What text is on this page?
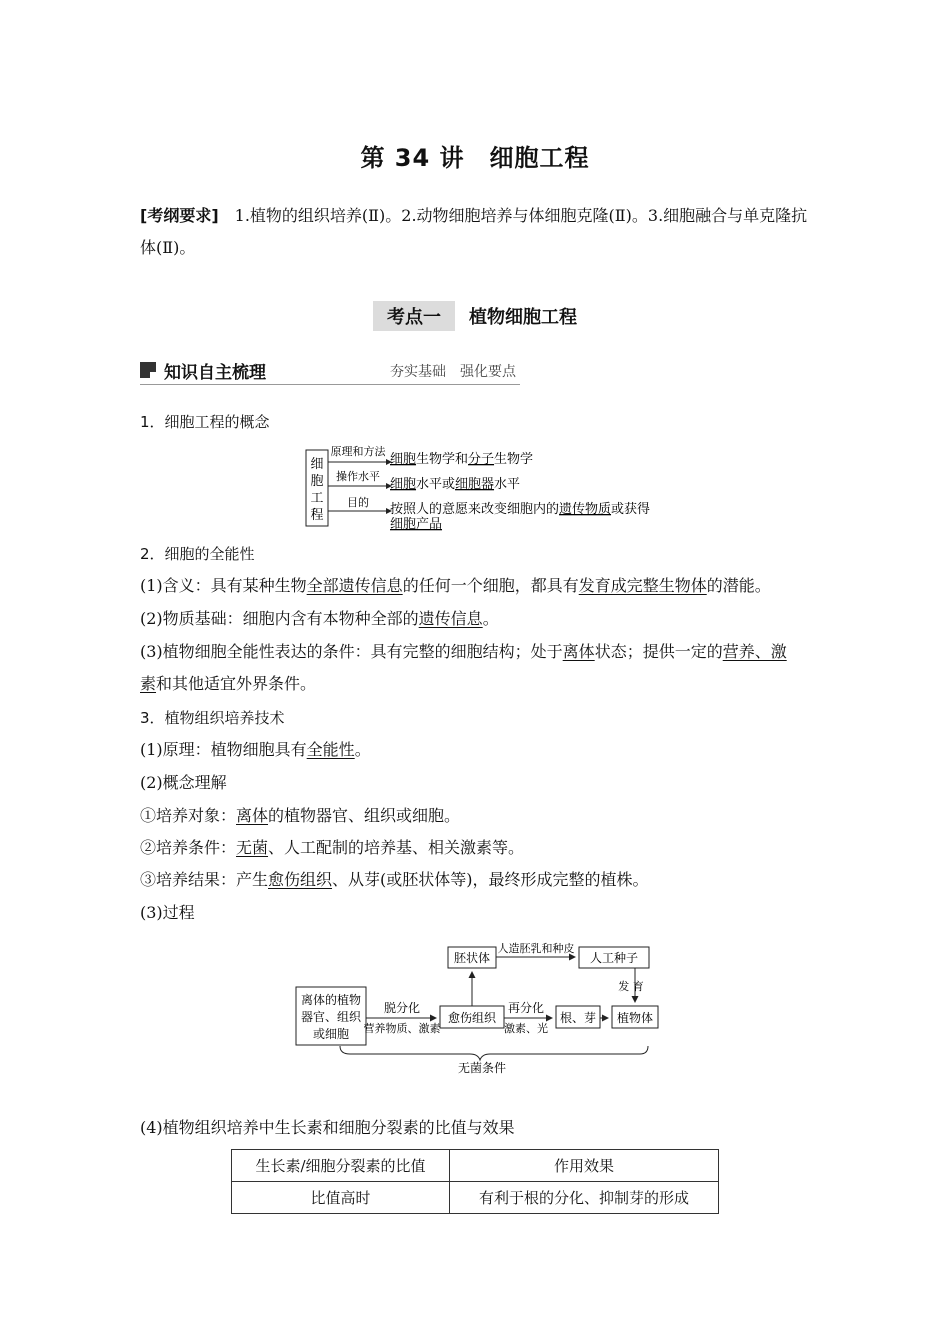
第 34 讲　细胞工程
[考纲要求]　1.植物的组织培养(Ⅱ)。2.动物细胞培养与体细胞克隆(Ⅱ)。3.细胞融合与单克隆抗体(Ⅱ)。
考点一 植物细胞工程
知识自主梳理	夯实基础　强化要点
1．细胞工程的概念
细
胞
工
程
原理和方法
操作水平
目的
细胞生物学和分子生物学
细胞水平或细胞器水平
按照人的意愿来改变细胞内的遗传物质或获得
细胞产品
2．细胞的全能性
(1)含义：具有某种生物全部遗传信息的任何一个细胞，都具有发育成完整生物体的潜能。
(2)物质基础：细胞内含有本物种全部的遗传信息。
(3)植物细胞全能性表达的条件：具有完整的细胞结构；处于离体状态；提供一定的营养、激
素和其他适宜外界条件。
3．植物组织培养技术
(1)原理：植物细胞具有全能性。
(2)概念理解
①培养对象：离体的植物器官、组织或细胞。
②培养条件：无菌、人工配制的培养基、相关激素等。
③培养结果：产生愈伤组织、从芽(或胚状体等)，最终形成完整的植株。
(3)过程
离体的植物
器官、组织
或细胞
脱分化
营养物质、激素
愈伤组织
再分化
激素、光
根、芽 植物体
胚状体
人造胚乳和种皮
人工种子
发 育
无菌条件
(4)植物组织培养中生长素和细胞分裂素的比值与效果
生长素/细胞分裂素的比值	作用效果
比值高时	有利于根的分化、抑制芽的形成
